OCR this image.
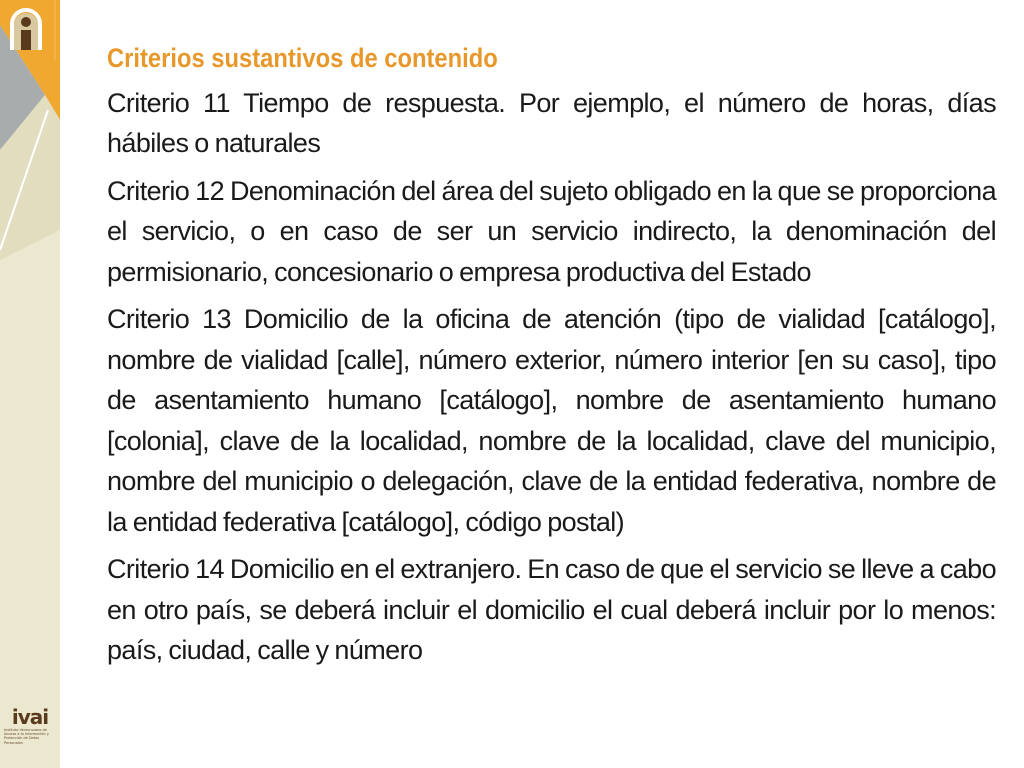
ivai
Instituto Veracruzano de Acceso a la Información y Protección de Datos Personales
Criterios sustantivos de contenido

Criterio 11 Tiempo de respuesta. Por ejemplo, el número de horas, días hábiles o naturales

Criterio 12 Denominación del área del sujeto obligado en la que se proporciona el servicio, o en caso de ser un servicio indirecto, la denominación del permisionario, concesionario o empresa productiva del Estado

Criterio 13 Domicilio de la oficina de atención (tipo de vialidad [catálogo], nombre de vialidad [calle], número exterior, número interior [en su caso], tipo de asentamiento humano [catálogo], nombre de asentamiento humano [colonia], clave de la localidad, nombre de la localidad, clave del municipio, nombre del municipio o delegación, clave de la entidad federativa, nombre de la entidad federativa [catálogo], código postal)

Criterio 14 Domicilio en el extranjero. En caso de que el servicio se lleve a cabo en otro país, se deberá incluir el domicilio el cual deberá incluir por lo menos: país, ciudad, calle y número
